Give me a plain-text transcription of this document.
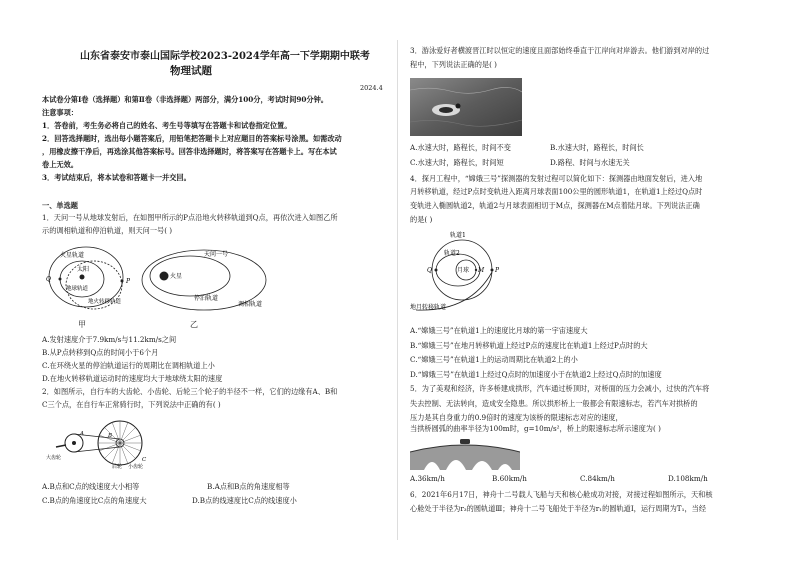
山东省泰安市泰山国际学校2023-2024学年高一下学期期中联考
物理试题
2024.4
本试卷分第Ⅰ卷（选择题）和第Ⅱ卷（非选择题）两部分，满分100分，考试时间90分钟。
注意事项：
1．答卷前，考生务必将自己的姓名、考生号等填写在答题卡和试卷指定位置。
2．回答选择题时，选出每小题答案后，用铅笔把答题卡上对应题目的答案标号涂黑。如需改动
，用橡皮擦干净后，再选涂其他答案标号。回答非选择题时，将答案写在答题卡上。写在本试
卷上无效。
3．考试结束后，将本试卷和答题卡一并交回。
一、单选题
1．天问一号从地球发射后，在如图甲所示的P点沿地火转移轨道到Q点，再依次进入如图乙所
示的调相轨道和停泊轨道，则天问一号( )
火星轨道
太阳
地球轨道
地火转移轨道
Q	P
甲
火星
天问一号
停泊轨道
调相轨道
乙
A.发射速度介于7.9km/s与11.2km/s之间
B.从P点转移到Q点的时间小于6个月
C.在环绕火星的停泊轨道运行的周期比在调相轨道上小
D.在地火转移轨道运动时的速度均大于地球绕太阳的速度
2．如图所示，自行车的大齿轮、小齿轮、后轮三个轮子的半径不一样，它们的边缘有A、B和
C三个点，在自行车正常骑行时，下列说法中正确的有( )
A	B
C
大齿轮
小齿轮
后轮
A.B点和C点的线速度大小相等	B.A点和B点的角速度相等
C.B点的角速度比C点的角速度大	D.B点的线速度比C点的线速度小
3．游泳爱好者横渡晋江时以恒定的速度且面部始终垂直于江岸向对岸游去。他们游到对岸的过
程中，下列说法正确的是( )
A.水速大时，路程长，时间不变	B.水速大时，路程长，时间长
C.水速大时，路程长，时间短	D.路程、时间与水速无关
4．探月工程中，“嫦娥三号”探测器的发射过程可以简化如下：探测器由地面发射后，进入地
月转移轨道，经过P点时变轨进入距离月球表面100公里的圆形轨道1，在轨道1上经过Q点时
变轨进入椭圆轨道2，轨道2与月球表面相切于M点，探测器在M点着陆月球。下列说法正确
的是( )
轨道1
轨道2
月球
Q	M P
地月转移轨道
A.“嫦娥三号”在轨道1上的速度比月球的第一宇宙速度大
B.“嫦娥三号”在地月转移轨道上经过P点的速度比在轨道1上经过P点时的大
C.“嫦娥三号”在轨道1上的运动周期比在轨道2上的小
D.“嫦娥三号”在轨道1上经过Q点时的加速度小于在轨道2上经过Q点时的加速度
5．为了美观和经济，许多桥建成拱形，汽车通过桥顶时，对桥面的压力会减小，过快的汽车将
失去控制、无法转向，造成安全隐患。所以拱形桥上一般都会有限速标志，若汽车对拱桥的
压力是其自身重力的0.9倍时的速度为该桥的限速标志对应的速度，
当拱桥圆弧的曲率半径为100m时，g=10m/s²，桥上的限速标志所示速度为( )
A.36km/h	B.60km/h	C.84km/h	D.108km/h
6．2021年6月17日，神舟十二号载人飞船与天和核心舱成功对接，对接过程如图所示，天和核
心舱处于半径为r₃的圆轨道Ⅲ；神舟十二号飞船处于半径为r₁的圆轨道Ⅰ，运行周期为T₁，当经
